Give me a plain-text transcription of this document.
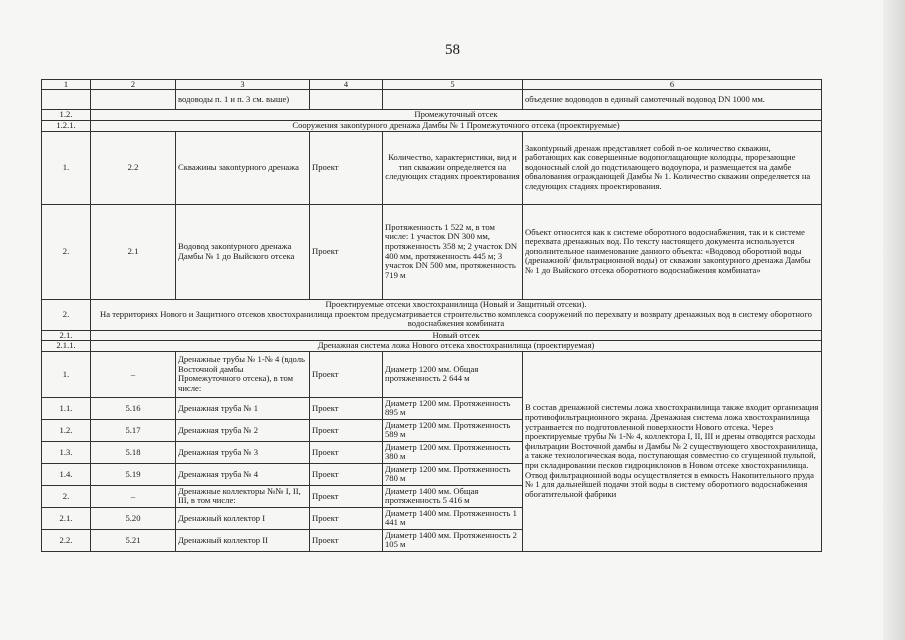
58
1	2	3	4	5	6
		водоводы п. 1 и п. 3 см. выше)			объедение водоводов в единый самотечный водовод DN 1000 мм.
1.2.	Промежуточный отсек				
1.2.1.	Сооружения закontурного дренажа Дамбы № 1 Промежуточного отсека (проектируемые)				
1.	2.2	Скважины закontурного дренажа	Проект	Количество, характеристики, вид и тип скважин определяется на следующих стадиях проектирования	Закontурный дренаж представляет собой n-ое количество скважин, работающих как совершенные водопоглащающие колодцы, прорезающие водоносный слой до подстилающего водоупора, и размещается на дамбе обвалования ограждающей Дамбы № 1. Количество скважин определяется на следующих стадиях проектирования.
2.	2.1	Водовод закontурного дренажа Дамбы № 1 до Выйского отсека	Проект	Протяженность 1 522 м, в том числе: 1 участок DN 300 мм, протяженность 358 м; 2 участок DN 400 мм, протяженность 445 м; 3 участок DN 500 мм, протяженность 719 м	Объект относится как к системе оборотного водоснабжения, так и к системе перехвата дренажных вод. По тексту настоящего документа используется дополнительное наименование данного объекта: «Водовод оборотной воды (дренажной/ фильтрационной воды) от скважин закontурного дренажа Дамбы № 1 до Выйского отсека оборотного водоснабжения комбината»
2.	Проектируемые отсеки хвостохранилища (Новый и Защитный отсеки).
На территориях Нового и Защитного отсеков хвостохранилища проектом предусматривается строительство комплекса сооружений по перехвату и возврату дренажных вод в систему оборотного водоснабжения комбината				

2.1.	Новый отсек				
2.1.1.	Дренажная система ложа Нового отсека хвостохранилища (проектируемая)				
1.	–	Дренажные трубы № 1-№ 4 (вдоль Восточной дамбы Промежуточного отсека), в том числе:	Проект	Диаметр 1200 мм. Общая протяженность 2 644 м	В состав дренажной системы ложа хвостохранилища также входит организация противофильтрационного экрана. Дренажная система ложа хвостохранилища устраивается по подготовленной поверхности Нового отсека. Через проектируемые трубы № 1-№ 4, коллектора I, II, III и дрены отводятся расходы фильтрации Восточной дамбы и Дамбы № 2 существующего хвостохранилища, а также технологическая вода, поступающая совместно со сгущенной пульпой, при складировании песков гидроциклонов в Новом отсеке хвостохранилища. Отвод фильтрационной воды осуществляется в емкость Накопительного пруда № 1 для дальнейшей подачи этой воды в систему оборотного водоснабжения обогатительной фабрики
1.1.	5.16	Дренажная труба № 1	Проект	Диаметр 1200 мм. Протяженность 895 м	
1.2.	5.17	Дренажная труба № 2	Проект	Диаметр 1200 мм. Протяженность 589 м	
1.3.	5.18	Дренажная труба № 3	Проект	Диаметр 1200 мм. Протяженность 380 м	
1.4.	5.19	Дренажная труба № 4	Проект	Диаметр 1200 мм. Протяженность 780 м	
2.	–	Дренажные коллекторы №№ I, II, III, в том числе:	Проект	Диаметр 1400 мм. Общая протяженность 5 416 м	
2.1.	5.20	Дренажный коллектор I	Проект	Диаметр 1400 мм. Протяженность 1 441 м	
2.2.	5.21	Дренажный коллектор II	Проект	Диаметр 1400 мм. Протяженность 2 105 м	
